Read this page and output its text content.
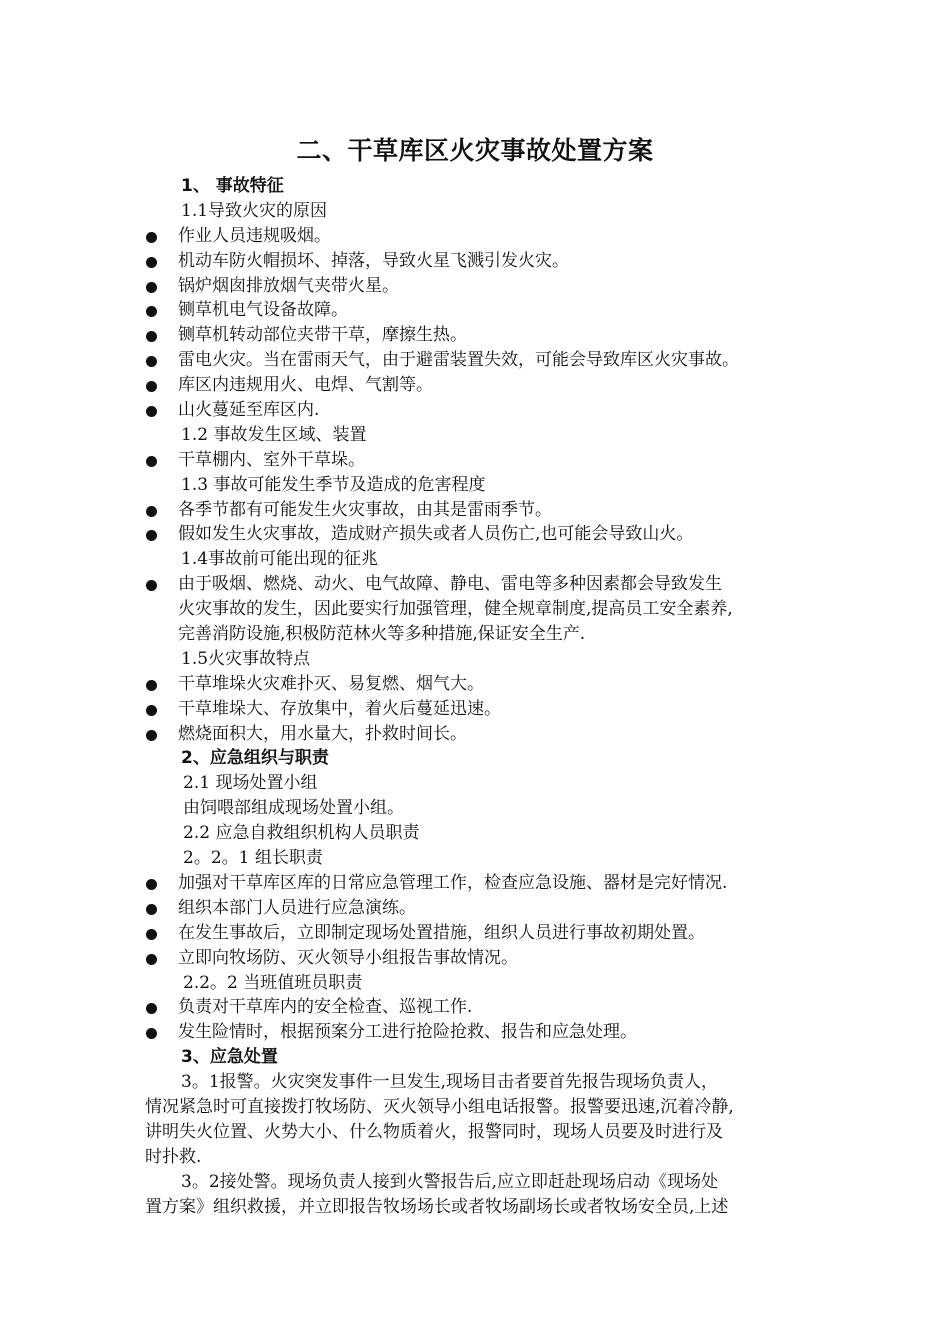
二、干草库区火灾事故处置方案
1、 事故特征
1.1导致火灾的原因
作业人员违规吸烟。
机动车防火帽损坏、掉落，导致火星飞溅引发火灾。
锅炉烟囱排放烟气夹带火星。
铡草机电气设备故障。
铡草机转动部位夹带干草，摩擦生热。
雷电火灾。当在雷雨天气，由于避雷装置失效，可能会导致库区火灾事故。
库区内违规用火、电焊、气割等。
山火蔓延至库区内.
1.2 事故发生区域、装置
干草棚内、室外干草垛。
1.3 事故可能发生季节及造成的危害程度
各季节都有可能发生火灾事故，由其是雷雨季节。
假如发生火灾事故，造成财产损失或者人员伤亡,也可能会导致山火。
1.4事故前可能出现的征兆
由于吸烟、燃烧、动火、电气故障、静电、雷电等多种因素都会导致发生
火灾事故的发生，因此要实行加强管理，健全规章制度,提高员工安全素养,
完善消防设施,积极防范林火等多种措施,保证安全生产.
1.5火灾事故特点
干草堆垛火灾难扑灭、易复燃、烟气大。
干草堆垛大、存放集中，着火后蔓延迅速。
燃烧面积大，用水量大，扑救时间长。
2、应急组织与职责
2.1 现场处置小组
由饲喂部组成现场处置小组。
2.2 应急自救组织机构人员职责
2。2。1 组长职责
加强对干草库区库的日常应急管理工作，检查应急设施、器材是完好情况.
组织本部门人员进行应急演练。
在发生事故后，立即制定现场处置措施，组织人员进行事故初期处置。
立即向牧场防、灭火领导小组报告事故情况。
2.2。2 当班值班员职责
负责对干草库内的安全检查、巡视工作.
发生险情时，根据预案分工进行抢险抢救、报告和应急处理。
3、应急处置
3。1报警。火灾突发事件一旦发生,现场目击者要首先报告现场负责人，
情况紧急时可直接拨打牧场防、灭火领导小组电话报警。报警要迅速,沉着冷静,
讲明失火位置、火势大小、什么物质着火，报警同时，现场人员要及时进行及
时扑救.
3。2接处警。现场负责人接到火警报告后,应立即赶赴现场启动《现场处
置方案》组织救援，并立即报告牧场场长或者牧场副场长或者牧场安全员,上述
